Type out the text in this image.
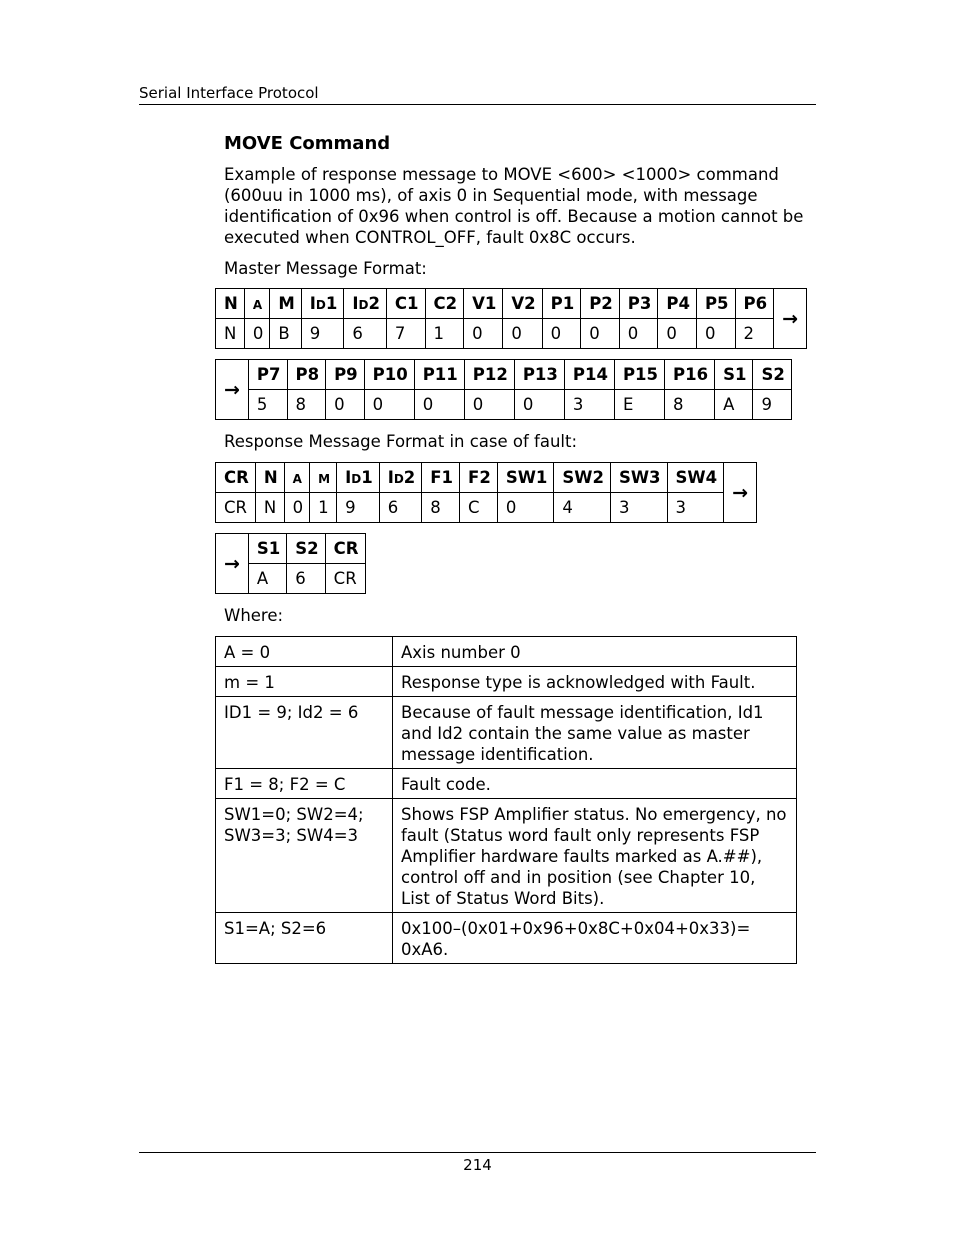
Serial Interface Protocol
MOVE Command

Example of response message to MOVE <600> <1000> command (600uu in 1000 ms), of axis 0 in Sequential mode, with message identification of 0x96 when control is off. Because a motion cannot be executed when CONTROL_OFF, fault 0x8C occurs.

Master Message Format:

N	A	M	ID1	ID2	C1	C2	V1	V2	P1	P2	P3	P4	P5	P6	→
N	0	B	9	6	7	1	0	0	0	0	0	0	0	2	
→	P7	P8	P9	P10	P11	P12	P13	P14	P15	P16	S1	S2
	5	8	0	0	0	0	0	3	E	8	A	9

Response Message Format in case of fault:

CR	N	A	M	ID1	ID2	F1	F2	SW1	SW2	SW3	SW4	→
CR	N	0	1	9	6	8	C	0	4	3	3	
→	S1	S2	CR
	A	6	CR

Where:

A = 0	Axis number 0
m = 1	Response type is acknowledged with Fault.
ID1 = 9; Id2 = 6	Because of fault message identification, Id1 and Id2 contain the same value as master message identification.
F1 = 8; F2 = C	Fault code.
SW1=0; SW2=4; SW3=3; SW4=3	Shows FSP Amplifier status. No emergency, no fault (Status word fault only represents FSP Amplifier hardware faults marked as A.##), control off and in position (see Chapter 10, List of Status Word Bits).
S1=A; S2=6	0x100–(0x01+0x96+0x8C+0x04+0x33)= 0xA6.
214
